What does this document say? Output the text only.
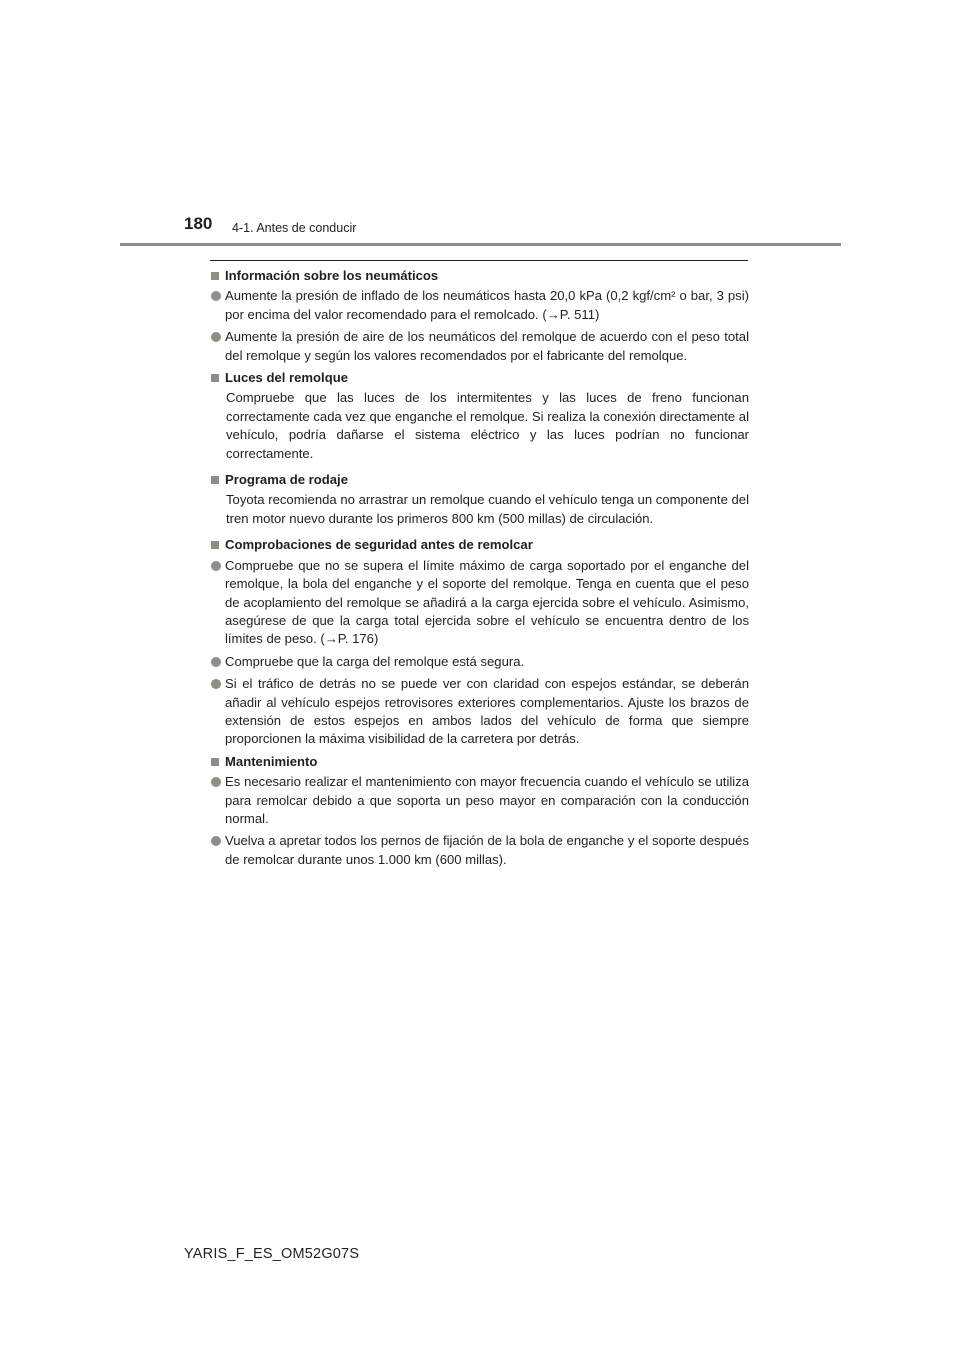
180 4-1. Antes de conducir
Información sobre los neumáticos
Aumente la presión de inflado de los neumáticos hasta 20,0 kPa (0,2 kgf/cm² o bar, 3 psi) por encima del valor recomendado para el remolcado. (→P. 511)
Aumente la presión de aire de los neumáticos del remolque de acuerdo con el peso total del remolque y según los valores recomendados por el fabricante del remolque.
Luces del remolque

Compruebe que las luces de los intermitentes y las luces de freno funcionan correctamente cada vez que enganche el remolque. Si realiza la conexión directamente al vehículo, podría dañarse el sistema eléctrico y las luces podrían no funcionar correctamente.

Programa de rodaje

Toyota recomienda no arrastrar un remolque cuando el vehículo tenga un componente del tren motor nuevo durante los primeros 800 km (500 millas) de circulación.

Comprobaciones de seguridad antes de remolcar
Compruebe que no se supera el límite máximo de carga soportado por el enganche del remolque, la bola del enganche y el soporte del remolque. Tenga en cuenta que el peso de acoplamiento del remolque se añadirá a la carga ejercida sobre el vehículo. Asimismo, asegúrese de que la carga total ejercida sobre el vehículo se encuentra dentro de los límites de peso. (→P. 176)
Compruebe que la carga del remolque está segura.
Si el tráfico de detrás no se puede ver con claridad con espejos estándar, se deberán añadir al vehículo espejos retrovisores exteriores complementarios. Ajuste los brazos de extensión de estos espejos en ambos lados del vehículo de forma que siempre proporcionen la máxima visibilidad de la carretera por detrás.
Mantenimiento
Es necesario realizar el mantenimiento con mayor frecuencia cuando el vehículo se utiliza para remolcar debido a que soporta un peso mayor en comparación con la conducción normal.
Vuelva a apretar todos los pernos de fijación de la bola de enganche y el soporte después de remolcar durante unos 1.000 km (600 millas).
YARIS_F_ES_OM52G07S
